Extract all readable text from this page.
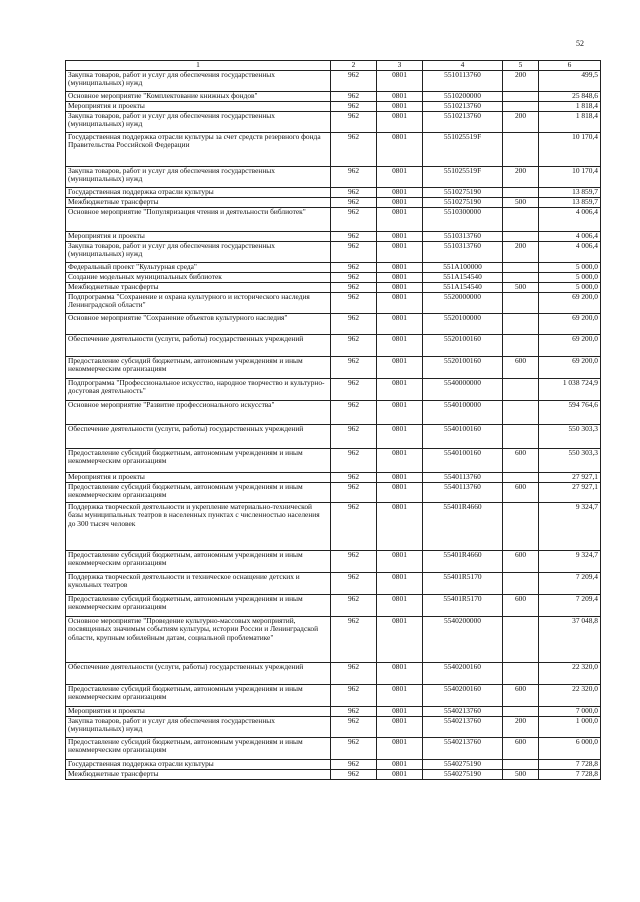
52
1	2	3	4	5	6
Закупка товаров, работ и услуг для обеспечения государственных (муниципальных) нужд	962	0801	5510113760	200	499,5
Основное мероприятие "Комплектование книжных фондов"	962	0801	5510200000		25 848,6
Мероприятия и проекты	962	0801	5510213760		1 818,4
Закупка товаров, работ и услуг для обеспечения государственных (муниципальных) нужд	962	0801	5510213760	200	1 818,4
Государственная поддержка отрасли культуры за счет средств резервного фонда Правительства Российской Федерации	962	0801	551025519F		10 170,4
Закупка товаров, работ и услуг для обеспечения государственных (муниципальных) нужд	962	0801	551025519F	200	10 170,4
Государственная поддержка отрасли культуры	962	0801	5510275190		13 859,7
Межбюджетные трансферты	962	0801	5510275190	500	13 859,7
Основное мероприятие "Популяризация чтения и деятельности библиотек"	962	0801	5510300000		4 006,4
Мероприятия и проекты	962	0801	5510313760		4 006,4
Закупка товаров, работ и услуг для обеспечения государственных (муниципальных) нужд	962	0801	5510313760	200	4 006,4
Федеральный проект "Культурная среда"	962	0801	551A100000		5 000,0
Создание модельных муниципальных библиотек	962	0801	551A154540		5 000,0
Межбюджетные трансферты	962	0801	551A154540	500	5 000,0
Подпрограмма "Сохранение и охрана культурного и исторического наследия Ленинградской области"	962	0801	5520000000		69 200,0
Основное мероприятие "Сохранение объектов культурного наследия"	962	0801	5520100000		69 200,0
Обеспечение деятельности (услуги, работы) государственных учреждений	962	0801	5520100160		69 200,0
Предоставление субсидий бюджетным, автономным учреждениям и иным некоммерческим организациям	962	0801	5520100160	600	69 200,0
Подпрограмма "Профессиональное искусство, народное творчество и культурно-досуговая деятельность"	962	0801	5540000000		1 038 724,9
Основное мероприятие "Развитие профессионального искусства"	962	0801	5540100000		594 764,6
Обеспечение деятельности (услуги, работы) государственных учреждений	962	0801	5540100160		550 303,3
Предоставление субсидий бюджетным, автономным учреждениям и иным некоммерческим организациям	962	0801	5540100160	600	550 303,3
Мероприятия и проекты	962	0801	5540113760		27 927,1
Предоставление субсидий бюджетным, автономным учреждениям и иным некоммерческим организациям	962	0801	5540113760	600	27 927,1
Поддержка творческой деятельности и укрепление материально-технической базы муниципальных театров в населенных пунктах с численностью населения до 300 тысяч человек	962	0801	55401R4660		9 324,7
Предоставление субсидий бюджетным, автономным учреждениям и иным некоммерческим организациям	962	0801	55401R4660	600	9 324,7
Поддержка творческой деятельности и техническое оснащение детских и кукольных театров	962	0801	55401R5170		7 209,4
Предоставление субсидий бюджетным, автономным учреждениям и иным некоммерческим организациям	962	0801	55401R5170	600	7 209,4
Основное мероприятие "Проведение культурно-массовых мероприятий, посвященных значимым событиям культуры, истории России и Ленинградской области, крупным юбилейным датам, социальной проблематике"	962	0801	5540200000		37 048,8
Обеспечение деятельности (услуги, работы) государственных учреждений	962	0801	5540200160		22 320,0
Предоставление субсидий бюджетным, автономным учреждениям и иным некоммерческим организациям	962	0801	5540200160	600	22 320,0
Мероприятия и проекты	962	0801	5540213760		7 000,0
Закупка товаров, работ и услуг для обеспечения государственных (муниципальных) нужд	962	0801	5540213760	200	1 000,0
Предоставление субсидий бюджетным, автономным учреждениям и иным некоммерческим организациям	962	0801	5540213760	600	6 000,0
Государственная поддержка отрасли культуры	962	0801	5540275190		7 728,8
Межбюджетные трансферты	962	0801	5540275190	500	7 728,8
